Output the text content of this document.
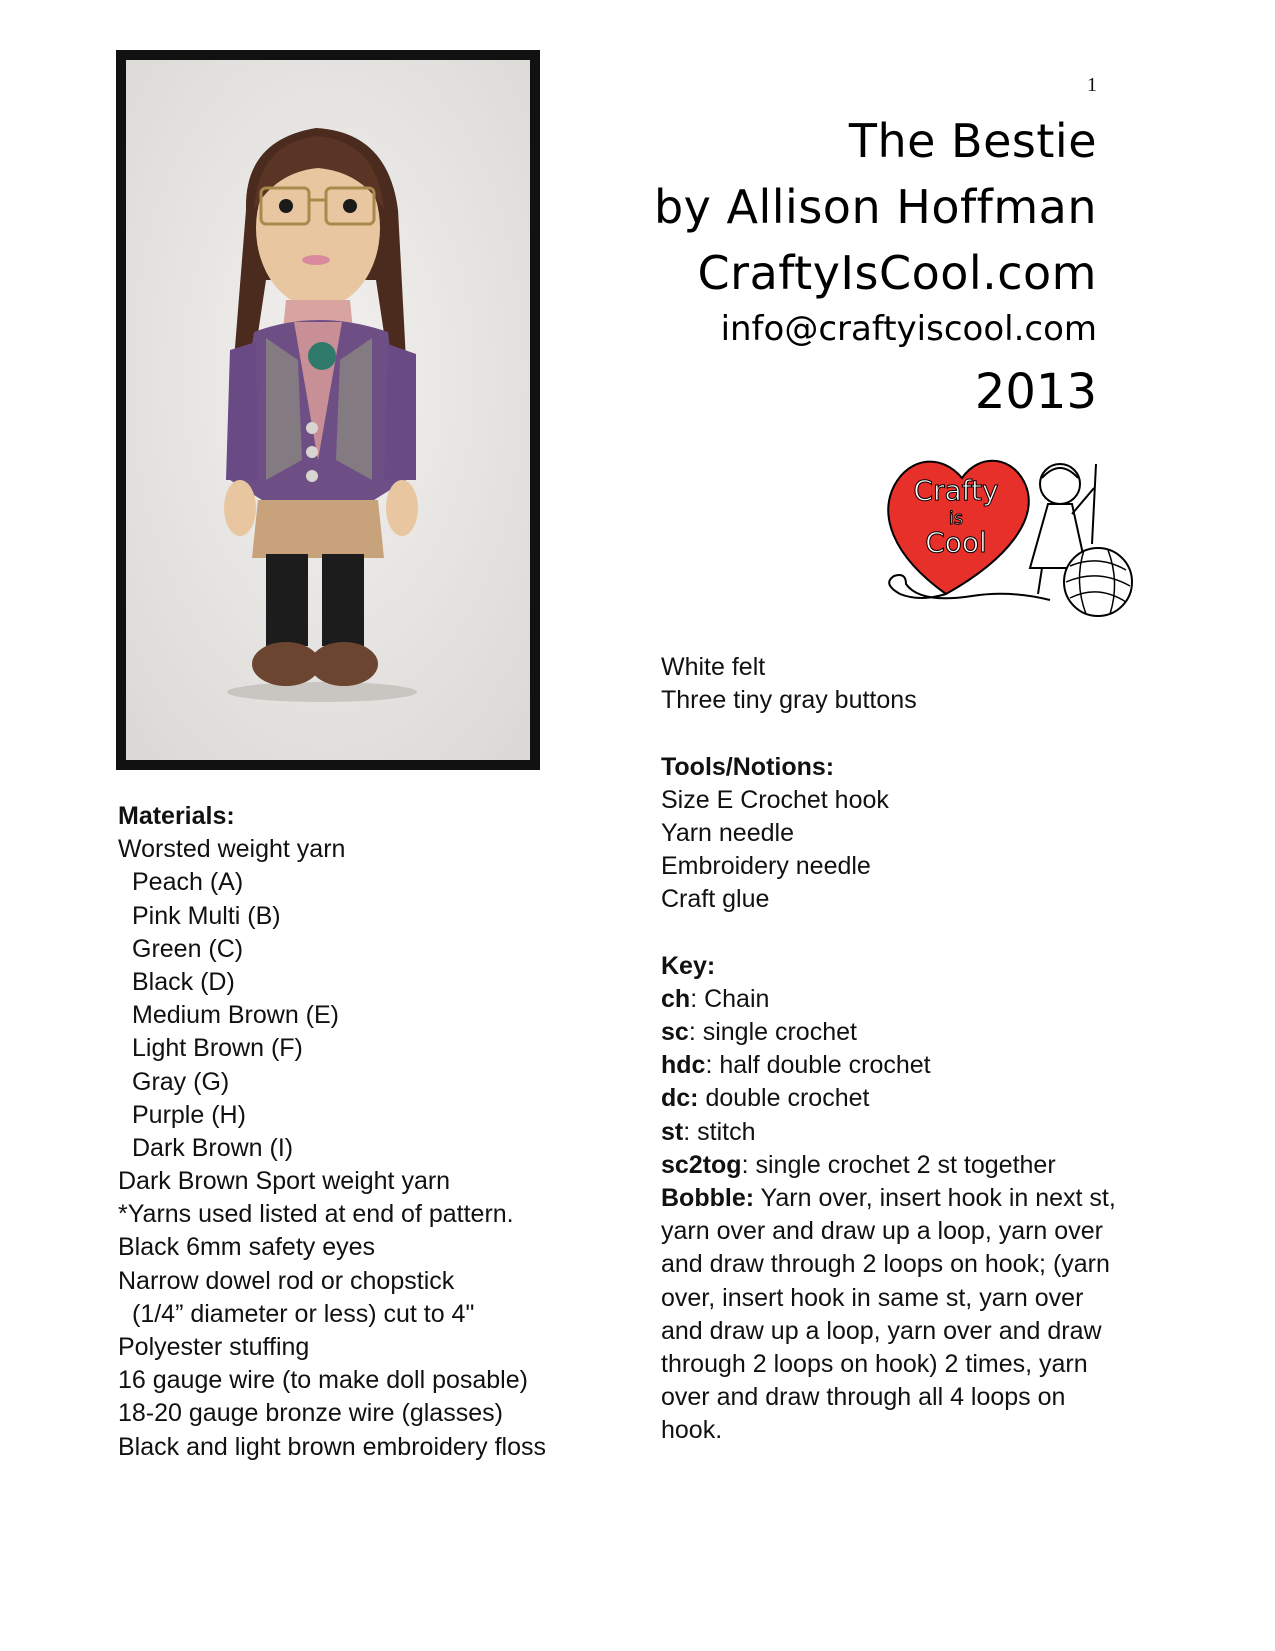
1
The Bestie
by Allison Hoffman
CraftyIsCool.com
info@craftyiscool.com
2013
Crafty
is
Cool
Materials:
Worsted weight yarn
Peach (A)
Pink Multi (B)
Green (C)
Black (D)
Medium Brown (E)
Light Brown (F)
Gray (G)
Purple (H)
Dark Brown (I)
Dark Brown Sport weight yarn
*Yarns used listed at end of pattern.
Black 6mm safety eyes
Narrow dowel rod or chopstick
(1/4” diameter or less) cut to 4"
Polyester stuffing
16 gauge wire (to make doll posable)
18-20 gauge bronze wire (glasses)
Black and light brown embroidery floss
White felt
Three tiny gray buttons
Tools/Notions:
Size E Crochet hook
Yarn needle
Embroidery needle
Craft glue
Key:
ch: Chain
sc: single crochet
hdc: half double crochet
dc: double crochet
st: stitch
sc2tog: single crochet 2 st together
Bobble: Yarn over, insert hook in next st,
yarn over and draw up a loop, yarn over
and draw through 2 loops on hook; (yarn
over, insert hook in same st, yarn over
and draw up a loop, yarn over and draw
through 2 loops on hook) 2 times, yarn
over and draw through all 4 loops on
hook.
